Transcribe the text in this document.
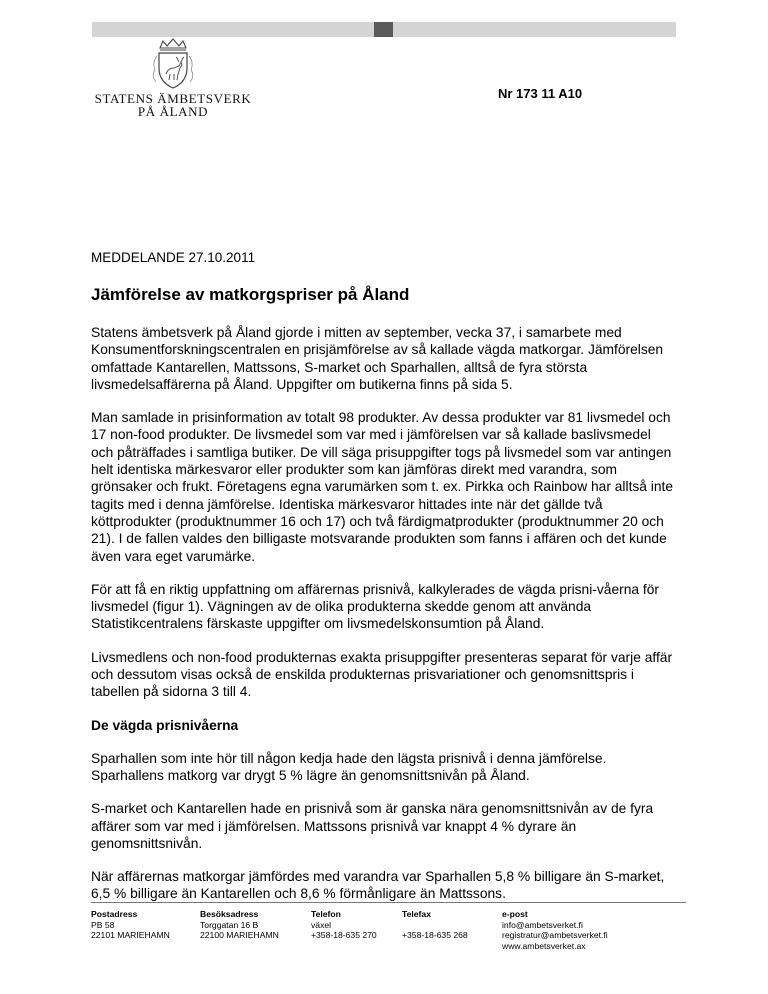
STATENS ÄMBETSVERK
PÅ ÅLAND
Nr 173 11 A10

MEDDELANDE 27.10.2011

Jämförelse av matkorgspriser på Åland

Statens ämbetsverk på Åland gjorde i mitten av september, vecka 37, i samarbete med Konsumentforskningscentralen en prisjämförelse av så kallade vägda matkorgar. Jämförelsen omfattade Kantarellen, Mattssons, S-market och Sparhallen, alltså de fyra största livsmedelsaffärerna på Åland. Uppgifter om butikerna finns på sida 5.

Man samlade in prisinformation av totalt 98 produkter. Av dessa produkter var 81 livsmedel och 17 non-food produkter. De livsmedel som var med i jämförelsen var så kallade baslivsmedel och påträffades i samtliga butiker. De vill säga prisuppgifter togs på livsmedel som var antingen helt identiska märkesvaror eller produkter som kan jämföras direkt med varandra, som grönsaker och frukt. Företagens egna varumärken som t. ex. Pirkka och Rainbow har alltså inte tagits med i denna jämförelse. Identiska märkesvaror hittades inte när det gällde två köttprodukter (produktnummer 16 och 17) och två färdigmatprodukter (produktnummer 20 och 21). I de fallen valdes den billigaste motsvarande produkten som fanns i affären och det kunde även vara eget varumärke.

För att få en riktig uppfattning om affärernas prisnivå, kalkylerades de vägda prisni-våerna för livsmedel (figur 1). Vägningen av de olika produkterna skedde genom att använda Statistikcentralens färskaste uppgifter om livsmedelskonsumtion på Åland.

Livsmedlens och non-food produkternas exakta prisuppgifter presenteras separat för varje affär och dessutom visas också de enskilda produkternas prisvariationer och genomsnittspris i tabellen på sidorna 3 till 4.

De vägda prisnivåerna

Sparhallen som inte hör till någon kedja hade den lägsta prisnivå i denna jämförelse. Sparhallens matkorg var drygt 5 % lägre än genomsnittsnivån på Åland.

S-market och Kantarellen hade en prisnivå som är ganska nära genomsnittsnivån av de fyra affärer som var med i jämförelsen. Mattssons prisnivå var knappt 4 % dyrare än genomsnittsnivån.

När affärernas matkorgar jämfördes med varandra var Sparhallen 5,8 % billigare än S-market, 6,5 % billigare än Kantarellen och 8,6 % förmånligare än Mattssons.

Postadress
PB 58
22101 MARIEHAMN
Besöksadress
Torggatan 16 B
22100 MARIEHAMN
Telefon
växel
+358-18-635 270
Telefax

+358-18-635 268
e-post
info@ambetsverket.fi
registratur@ambetsverket.fi
www.ambetsverket.ax
